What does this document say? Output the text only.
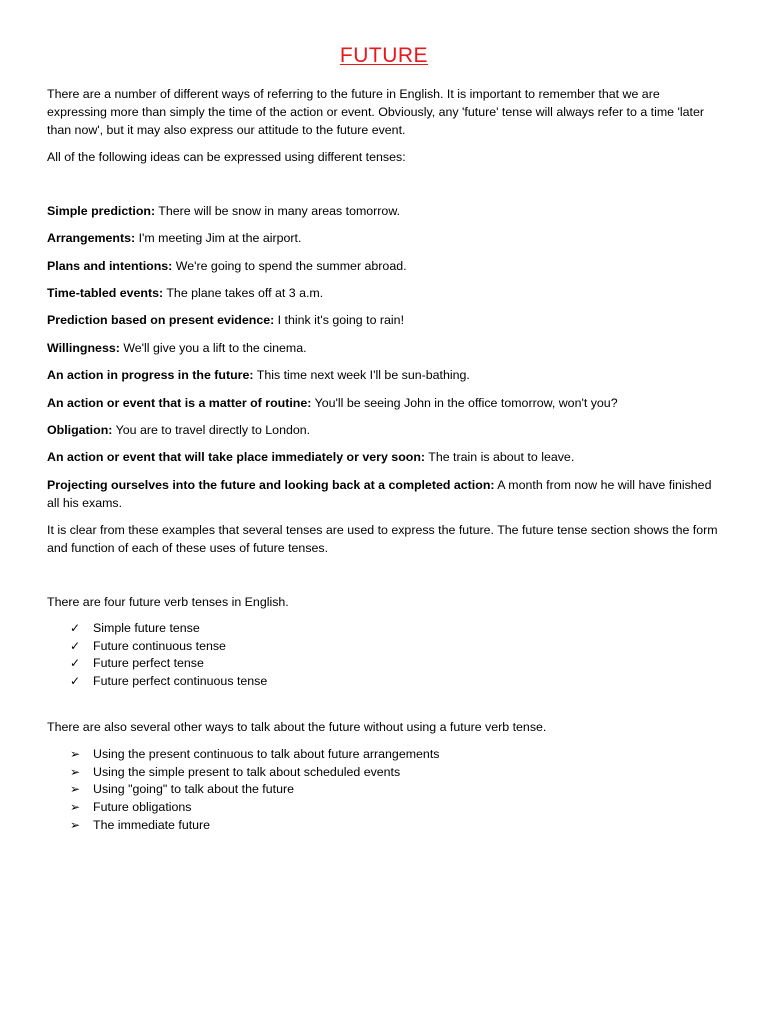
FUTURE

There are a number of different ways of referring to the future in English. It is important to remember that we are expressing more than simply the time of the action or event. Obviously, any 'future' tense will always refer to a time 'later than now', but it may also express our attitude to the future event.

All of the following ideas can be expressed using different tenses:

Simple prediction: There will be snow in many areas tomorrow.

Arrangements: I'm meeting Jim at the airport.

Plans and intentions: We're going to spend the summer abroad.

Time-tabled events: The plane takes off at 3 a.m.

Prediction based on present evidence: I think it's going to rain!

Willingness: We'll give you a lift to the cinema.

An action in progress in the future: This time next week I'll be sun-bathing.

An action or event that is a matter of routine: You'll be seeing John in the office tomorrow, won't you?

Obligation: You are to travel directly to London.

An action or event that will take place immediately or very soon: The train is about to leave.

Projecting ourselves into the future and looking back at a completed action: A month from now he will have finished all his exams.

It is clear from these examples that several tenses are used to express the future. The future tense section shows the form and function of each of these uses of future tenses.

There are four future verb tenses in English.

✓ Simple future tense
✓ Future continuous tense
✓ Future perfect tense
✓ Future perfect continuous tense

There are also several other ways to talk about the future without using a future verb tense.

➢ Using the present continuous to talk about future arrangements
➢ Using the simple present to talk about scheduled events
➢ Using "going" to talk about the future
➢ Future obligations
➢ The immediate future
